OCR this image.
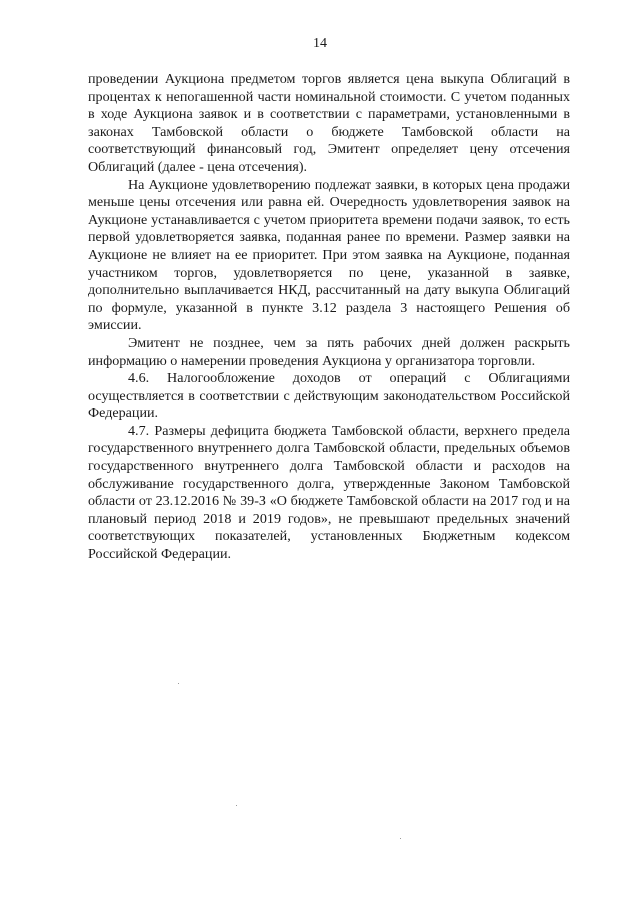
14

проведении Аукциона предметом торгов является цена выкупа Облигаций в процентах к непогашенной части номинальной стоимости. С учетом поданных в ходе Аукциона заявок и в соответствии с параметрами, установленными в законах Тамбовской области о бюджете Тамбовской области на соответствующий финансовый год, Эмитент определяет цену отсечения Облигаций (далее - цена отсечения).

На Аукционе удовлетворению подлежат заявки, в которых цена продажи меньше цены отсечения или равна ей. Очередность удовлетворения заявок на Аукционе устанавливается с учетом приоритета времени подачи заявок, то есть первой удовлетворяется заявка, поданная ранее по времени. Размер заявки на Аукционе не влияет на ее приоритет. При этом заявка на Аукционе, поданная участником торгов, удовлетворяется по цене, указанной в заявке, дополнительно выплачивается НКД, рассчитанный на дату выкупа Облигаций по формуле, указанной в пункте 3.12 раздела 3 настоящего Решения об эмиссии.

Эмитент не позднее, чем за пять рабочих дней должен раскрыть информацию о намерении проведения Аукциона у организатора торговли.

4.6. Налогообложение доходов от операций с Облигациями осуществляется в соответствии с действующим законодательством Российской Федерации.

4.7. Размеры дефицита бюджета Тамбовской области, верхнего предела государственного внутреннего долга Тамбовской области, предельных объемов государственного внутреннего долга Тамбовской области и расходов на обслуживание государственного долга, утвержденные Законом Тамбовской области от 23.12.2016 № 39-З «О бюджете Тамбовской области на 2017 год и на плановый период 2018 и 2019 годов», не превышают предельных значений соответствующих показателей, установленных Бюджетным кодексом Российской Федерации.
